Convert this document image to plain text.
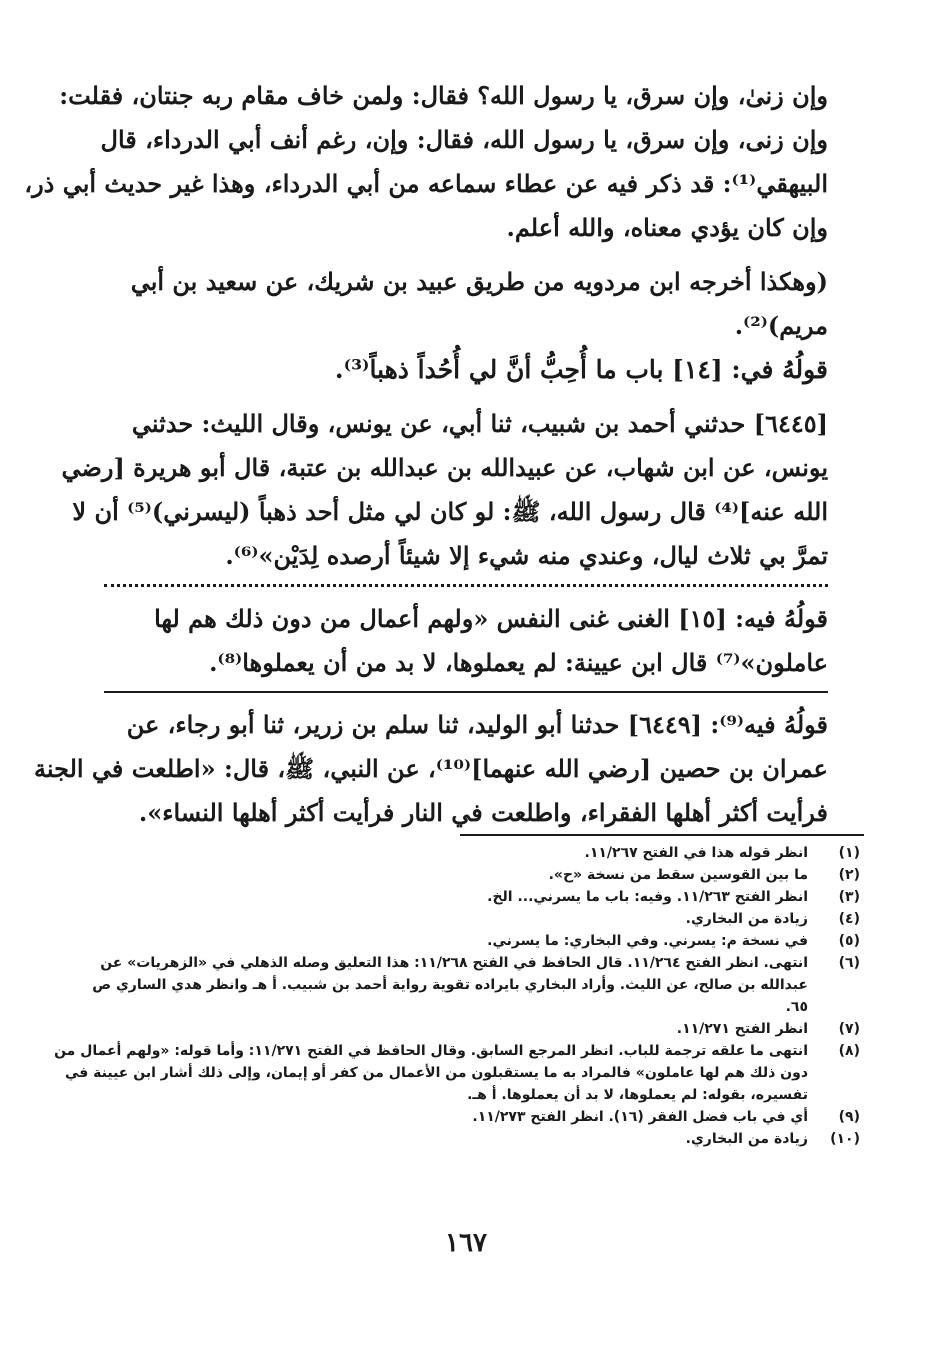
وإن زنىٰ، وإن سرق، يا رسول الله؟ فقال: ولمن خاف مقام ربه جنتان، فقلت:
وإن زنى، وإن سرق، يا رسول الله، فقال: وإن، رغم أنف أبي الدرداء، قال
البيهقي⁽¹⁾: قد ذكر فيه عن عطاء سماعه من أبي الدرداء، وهذا غير حديث أبي ذر،
وإن كان يؤدي معناه، والله أعلم.
(وهكذا أخرجه ابن مردويه من طريق عبيد بن شريك، عن سعيد بن أبي
مريم)⁽²⁾.
قولُهُ في: [١٤] باب ما أُحِبُّ أنَّ لي أُحُداً ذهباً⁽³⁾.
[٦٤٤٥] حدثني أحمد بن شبيب، ثنا أبي، عن يونس، وقال الليث: حدثني
يونس، عن ابن شهاب، عن عبيدالله بن عبدالله بن عتبة، قال أبو هريرة [رضي
الله عنه]⁽⁴⁾ قال رسول الله، ﷺ: لو كان لي مثل أحد ذهباً (ليسرني)⁽⁵⁾ أن لا
تمرَّ بي ثلاث ليال، وعندي منه شيء إلا شيئاً أرصده لِدَيْن»⁽⁶⁾.
قولُهُ فيه: [١٥] الغنى غنى النفس «ولهم أعمال من دون ذلك هم لها
عاملون»⁽⁷⁾ قال ابن عيينة: لم يعملوها، لا بد من أن يعملوها⁽⁸⁾.
قولُهُ فيه⁽⁹⁾: [٦٤٤٩] حدثنا أبو الوليد، ثنا سلم بن زرير، ثنا أبو رجاء، عن
عمران بن حصين [رضي الله عنهما]⁽¹⁰⁾، عن النبي، ﷺ، قال: «اطلعت في الجنة
فرأيت أكثر أهلها الفقراء، واطلعت في النار فرأيت أكثر أهلها النساء».
(١)
انظر قوله هذا في الفتح ١١/٢٦٧.
(٢)
ما بين القوسين سقط من نسخة «ح».
(٣)
انظر الفتح ١١/٢٦٣. وفيه: باب ما يسرني... الخ.
(٤)
زيادة من البخاري.
(٥)
في نسخة م: يسرني. وفي البخاري: ما يسرني.
(٦)
انتهى. انظر الفتح ١١/٢٦٤. قال الحافظ في الفتح ١١/٢٦٨: هذا التعليق وصله الذهلي في «الزهريات» عن
عبدالله بن صالح، عن الليث. وأراد البخاري بايراده تقوية رواية أحمد بن شبيب. أ هـ وانظر هدي الساري ص
٦٥.
(٧)
انظر الفتح ١١/٢٧١.
(٨)
انتهى ما علقه ترجمة للباب. انظر المرجع السابق. وقال الحافظ في الفتح ١١/٢٧١: وأما قوله: «ولهم أعمال من
دون ذلك هم لها عاملون» فالمراد به ما يستقبلون من الأعمال من كفر أو إيمان، وإلى ذلك أشار ابن عيينة في
تفسيره، بقوله: لم يعملوها، لا بد أن يعملوها. أ هـ.
(٩)
أي في باب فضل الفقر (١٦). انظر الفتح ١١/٢٧٣.
(١٠)
زيادة من البخاري.
١٦٧
